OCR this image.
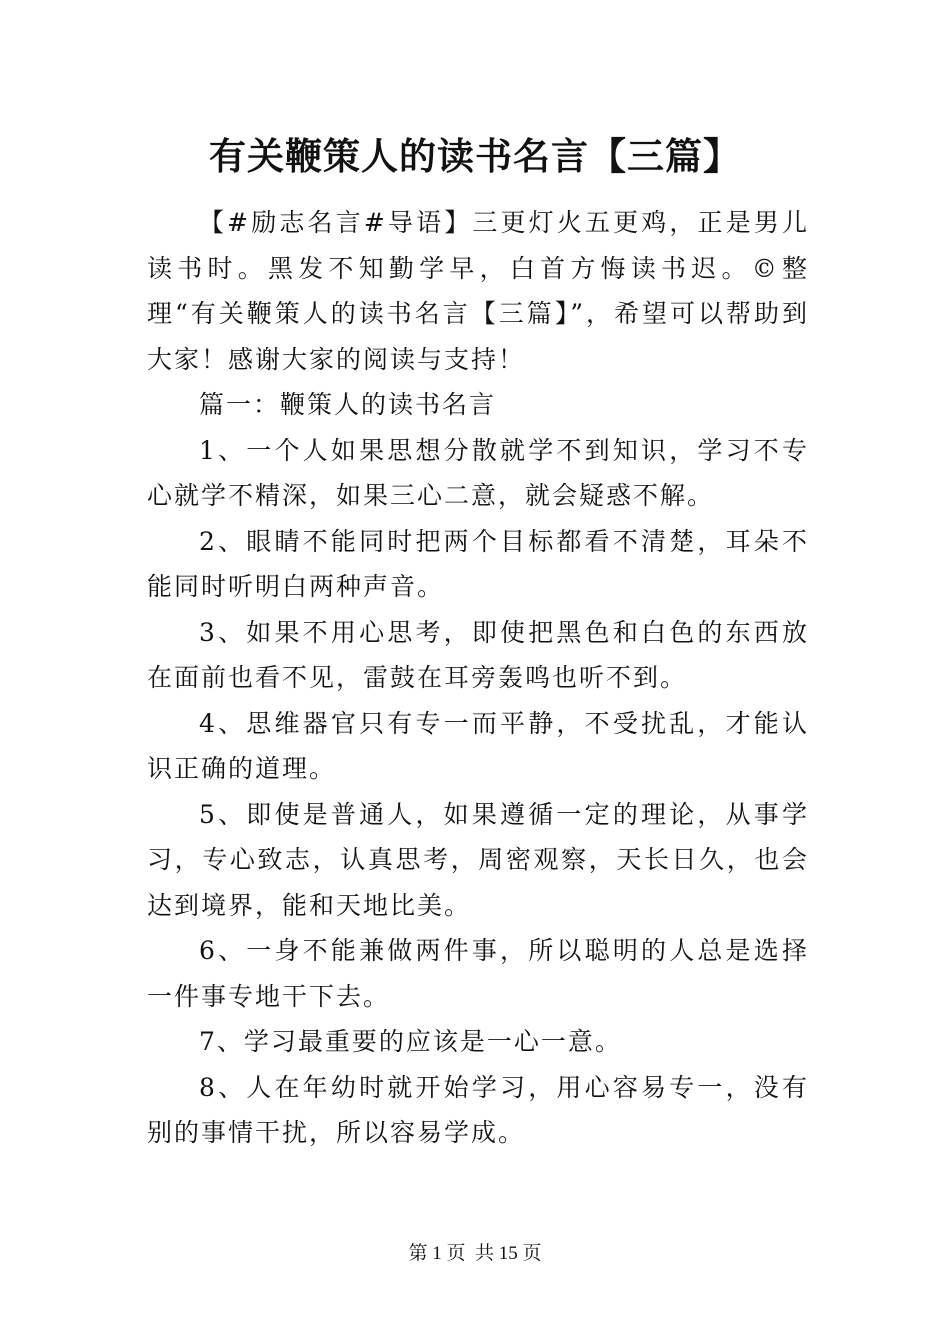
有关鞭策人的读书名言【三篇】

【#励志名言#导语】三更灯火五更鸡，正是男儿读书时。黑发不知勤学早，白首方悔读书迟。©整理“有关鞭策人的读书名言【三篇】”，希望可以帮助到大家！感谢大家的阅读与支持！

篇一：鞭策人的读书名言

1、一个人如果思想分散就学不到知识，学习不专心就学不精深，如果三心二意，就会疑惑不解。

2、眼睛不能同时把两个目标都看不清楚，耳朵不能同时听明白两种声音。

3、如果不用心思考，即使把黑色和白色的东西放在面前也看不见，雷鼓在耳旁轰鸣也听不到。

4、思维器官只有专一而平静，不受扰乱，才能认识正确的道理。

5、即使是普通人，如果遵循一定的理论，从事学习，专心致志，认真思考，周密观察，天长日久，也会达到境界，能和天地比美。

6、一身不能兼做两件事，所以聪明的人总是选择一件事专地干下去。

7、学习最重要的应该是一心一意。

8、人在年幼时就开始学习，用心容易专一，没有别的事情干扰，所以容易学成。

第 1 页  共 15 页
